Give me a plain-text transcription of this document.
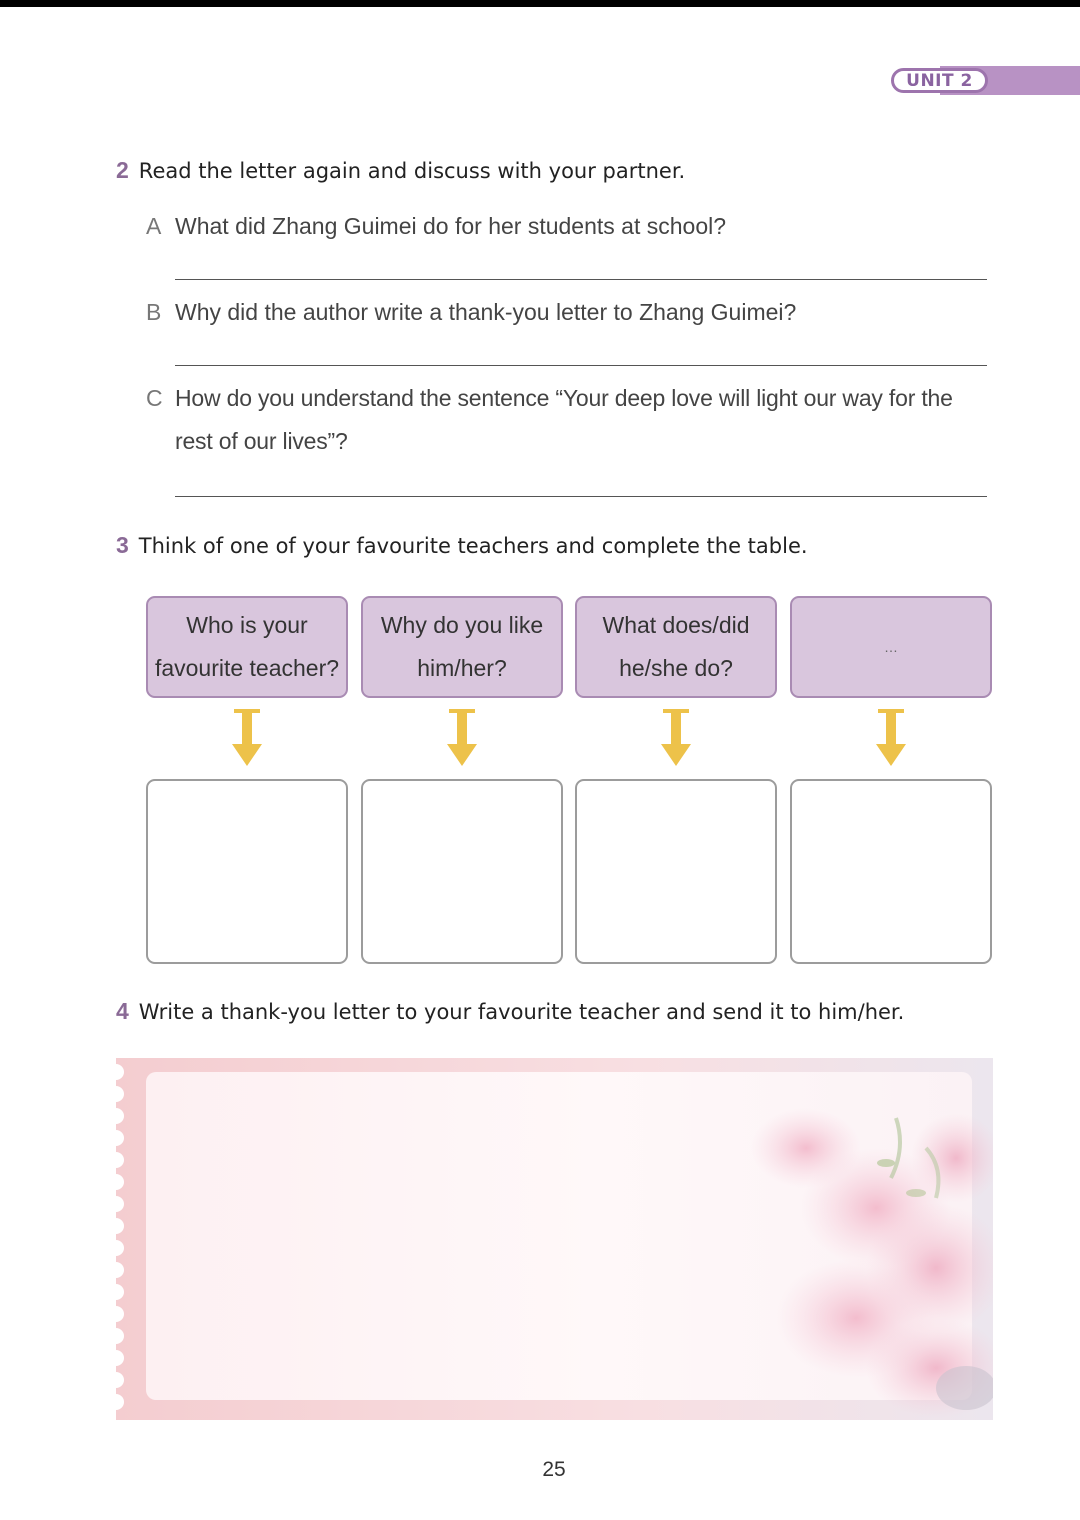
UNIT 2
2 Read the letter again and discuss with your partner.
A What did Zhang Guimei do for her students at school?
B Why did the author write a thank-you letter to Zhang Guimei?
C How do you understand the sentence “Your deep love will light our way for the rest of our lives”?
3 Think of one of your favourite teachers and complete the table.
Who is your
favourite teacher?
Why do you like
him/her?
What does/did
he/she do?
…
4 Write a thank-you letter to your favourite teacher and send it to him/her.
25
